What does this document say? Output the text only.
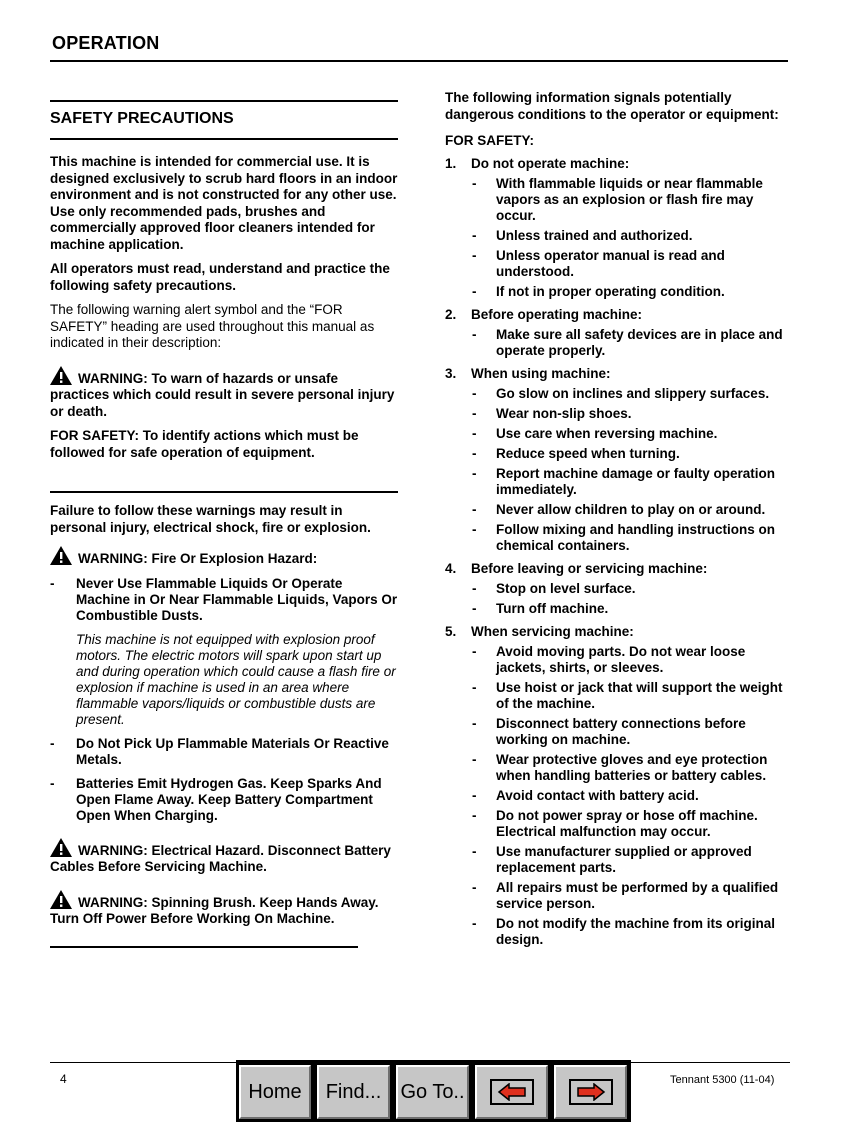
OPERATION
SAFETY PRECAUTIONS

This machine is intended for commercial use. It is designed exclusively to scrub hard floors in an indoor environment and is not constructed for any other use. Use only recommended pads, brushes and commercially approved floor cleaners intended for machine application.

All operators must read, understand and practice the following safety precautions.

The following warning alert symbol and the “FOR SAFETY” heading are used throughout this manual as indicated in their description:

WARNING: To warn of hazards or unsafe practices which could result in severe personal injury or death.

FOR SAFETY: To identify actions which must be followed for safe operation of equipment.

Failure to follow these warnings may result in personal injury, electrical shock, fire or explosion.

WARNING: Fire Or Explosion Hazard:

- Never Use Flammable Liquids Or Operate Machine in Or Near Flammable Liquids, Vapors Or Combustible Dusts.
This machine is not equipped with explosion proof motors. The electric motors will spark upon start up and during operation which could cause a flash fire or explosion if machine is used in an area where flammable vapors/liquids or combustible dusts are present.
- Do Not Pick Up Flammable Materials Or Reactive Metals.
- Batteries Emit Hydrogen Gas. Keep Sparks And Open Flame Away. Keep Battery Compartment Open When Charging.

WARNING: Electrical Hazard. Disconnect Battery Cables Before Servicing Machine.

WARNING: Spinning Brush. Keep Hands Away. Turn Off Power Before Working On Machine.

The following information signals potentially dangerous conditions to the operator or equipment:

FOR SAFETY:

1. Do not operate machine:
- With flammable liquids or near flammable vapors as an explosion or flash fire may occur.
- Unless trained and authorized.
- Unless operator manual is read and understood.
- If not in proper operating condition.
2. Before operating machine:
- Make sure all safety devices are in place and operate properly.
3. When using machine:
- Go slow on inclines and slippery surfaces.
- Wear non-slip shoes.
- Use care when reversing machine.
- Reduce speed when turning.
- Report machine damage or faulty operation immediately.
- Never allow children to play on or around.
- Follow mixing and handling instructions on chemical containers.
4. Before leaving or servicing machine:
- Stop on level surface.
- Turn off machine.
5. When servicing machine:
- Avoid moving parts. Do not wear loose jackets, shirts, or sleeves.
- Use hoist or jack that will support the weight of the machine.
- Disconnect battery connections before working on machine.
- Wear protective gloves and eye protection when handling batteries or battery cables.
- Avoid contact with battery acid.
- Do not power spray or hose off machine. Electrical malfunction may occur.
- Use manufacturer supplied or approved replacement parts.
- All repairs must be performed by a qualified service person.
- Do not modify the machine from its original design.
4	Tennant 5300 (11-04)
Home	Find... Go To..
